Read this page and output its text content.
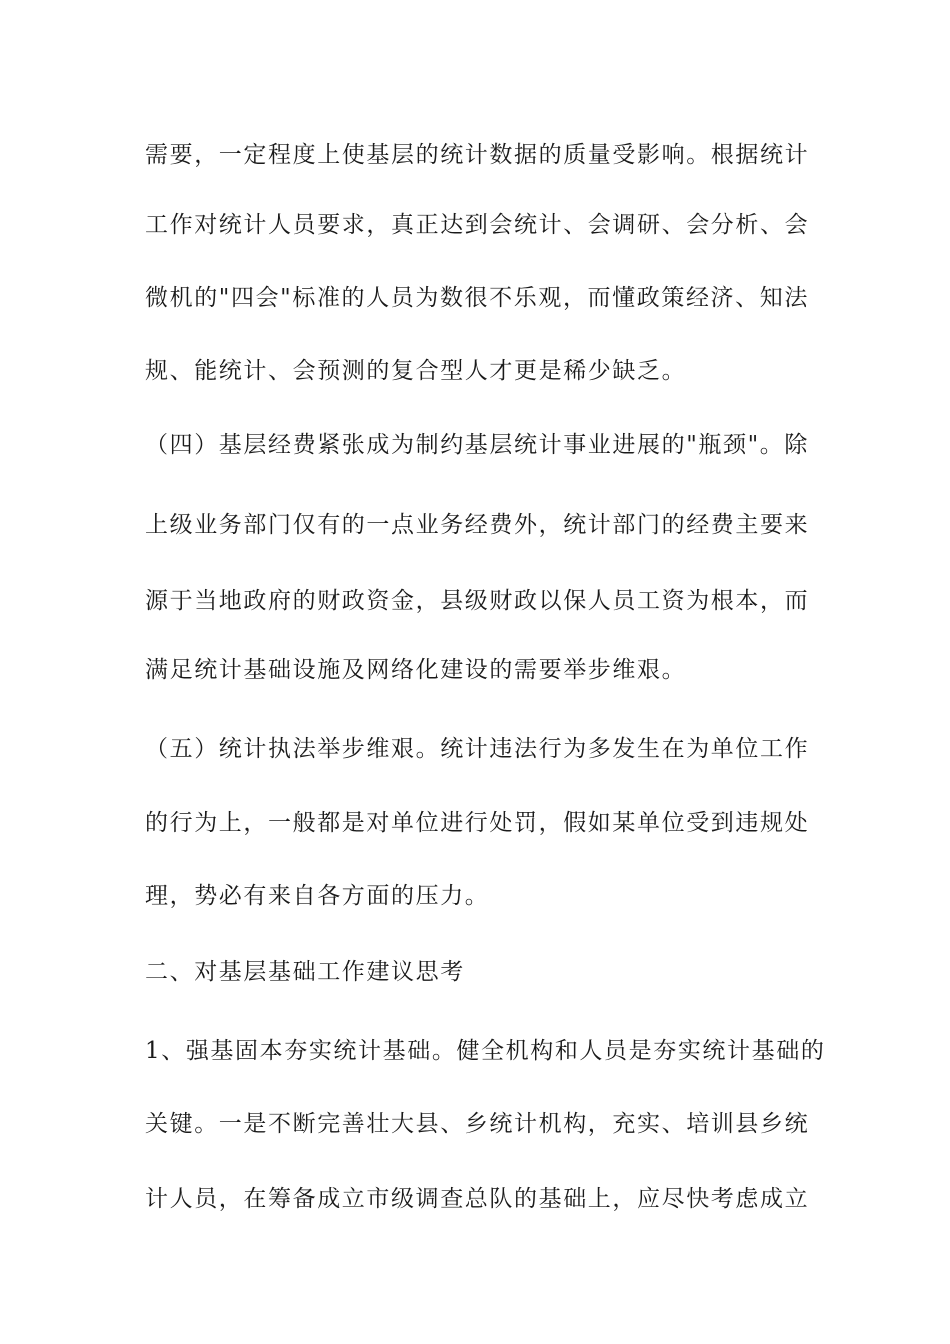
需要，一定程度上使基层的统计数据的质量受影响。根据统计
工作对统计人员要求，真正达到会统计、会调研、会分析、会
微机的"四会"标准的人员为数很不乐观，而懂政策经济、知法
规、能统计、会预测的复合型人才更是稀少缺乏。
（四）基层经费紧张成为制约基层统计事业进展的"瓶颈"。除
上级业务部门仅有的一点业务经费外，统计部门的经费主要来
源于当地政府的财政资金，县级财政以保人员工资为根本，而
满足统计基础设施及网络化建设的需要举步维艰。
（五）统计执法举步维艰。统计违法行为多发生在为单位工作
的行为上，一般都是对单位进行处罚，假如某单位受到违规处
理，势必有来自各方面的压力。
二、对基层基础工作建议思考
1、强基固本夯实统计基础。健全机构和人员是夯实统计基础的
关键。一是不断完善壮大县、乡统计机构，充实、培训县乡统
计人员，在筹备成立市级调查总队的基础上，应尽快考虑成立
